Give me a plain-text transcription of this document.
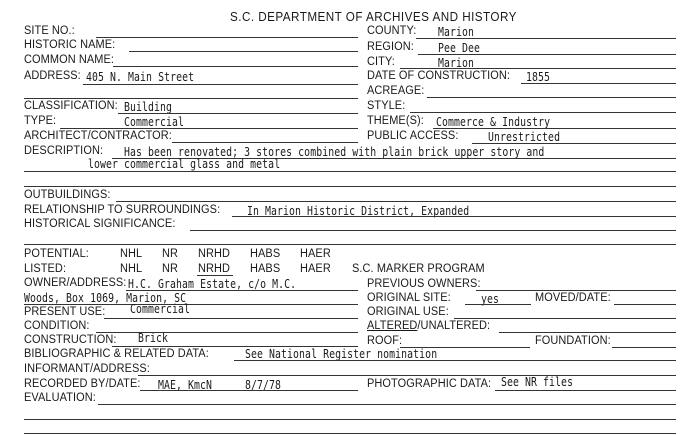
S.C. DEPARTMENT OF ARCHIVES AND HISTORY
SITE NO.:
HISTORIC NAME:
COMMON NAME:
ADDRESS: 405 N. Main Street
CLASSIFICATION: Building
TYPE:	Commercial
ARCHITECT/CONTRACTOR:
COUNTY: Marion
REGION: Pee Dee
CITY:	Marion
DATE OF CONSTRUCTION: 1855
ACREAGE:
STYLE:
THEME(S): Commerce & Industry
PUBLIC ACCESS: Unrestricted
DESCRIPTION: Has been renovated; 3 stores combined with plain brick upper story and
lower commercial glass and metal
OUTBUILDINGS:
RELATIONSHIP TO SURROUNDINGS: In Marion Historic District, Expanded
HISTORICAL SIGNIFICANCE:
POTENTIAL:	NHL NR NRHD HABS HAER
LISTED:	NHL NR NRHD HABS HAER S.C. MARKER PROGRAM
OWNER/ADDRESS: H.C. Graham Estate, c/o M.C.	PREVIOUS OWNERS:
Woods, Box 1069, Marion, SC	ORIGINAL SITE:	yes	MOVED/DATE:
PRESENT USE: Commercial	ORIGINAL USE:
CONDITION:	ALTERED/UNALTERED:
CONSTRUCTION: Brick	ROOF:	FOUNDATION:
BIBLIOGRAPHIC & RELATED DATA:	See National Register nomination
INFORMANT/ADDRESS:
RECORDED BY/DATE: MAE, KmcN	8/7/78	PHOTOGRAPHIC DATA: See NR files
EVALUATION:
